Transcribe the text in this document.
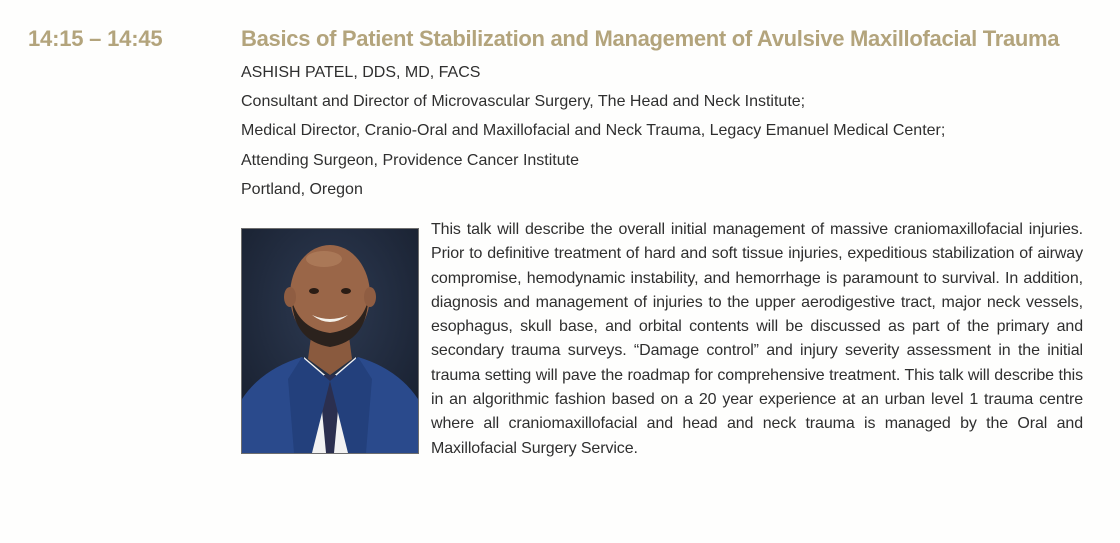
14:15 – 14:45	Basics of Patient Stabilization and Management of Avulsive Maxillofacial Trauma
ASHISH PATEL, DDS, MD, FACS
Consultant and Director of Microvascular Surgery, The Head and Neck Institute;
Medical Director, Cranio-Oral and Maxillofacial and Neck Trauma, Legacy Emanuel Medical Center;
Attending Surgeon, Providence Cancer Institute
Portland, Oregon
This talk will describe the overall initial management of massive craniomaxillofacial injuries. Prior to definitive treatment of hard and soft tissue injuries, expeditious stabilization of airway compromise, hemodynamic instability, and hemorrhage is paramount to survival. In addition, diagnosis and management of injuries to the upper aerodigestive tract, major neck vessels, esophagus, skull base, and orbital contents will be discussed as part of the primary and secondary trauma surveys. “Damage control” and injury severity assessment in the initial trauma setting will pave the roadmap for comprehensive treatment. This talk will describe this in an algorithmic fashion based on a 20 year experience at an urban level 1 trauma centre where all craniomaxillofacial and head and neck trauma is managed by the Oral and Maxillofacial Surgery Service.
